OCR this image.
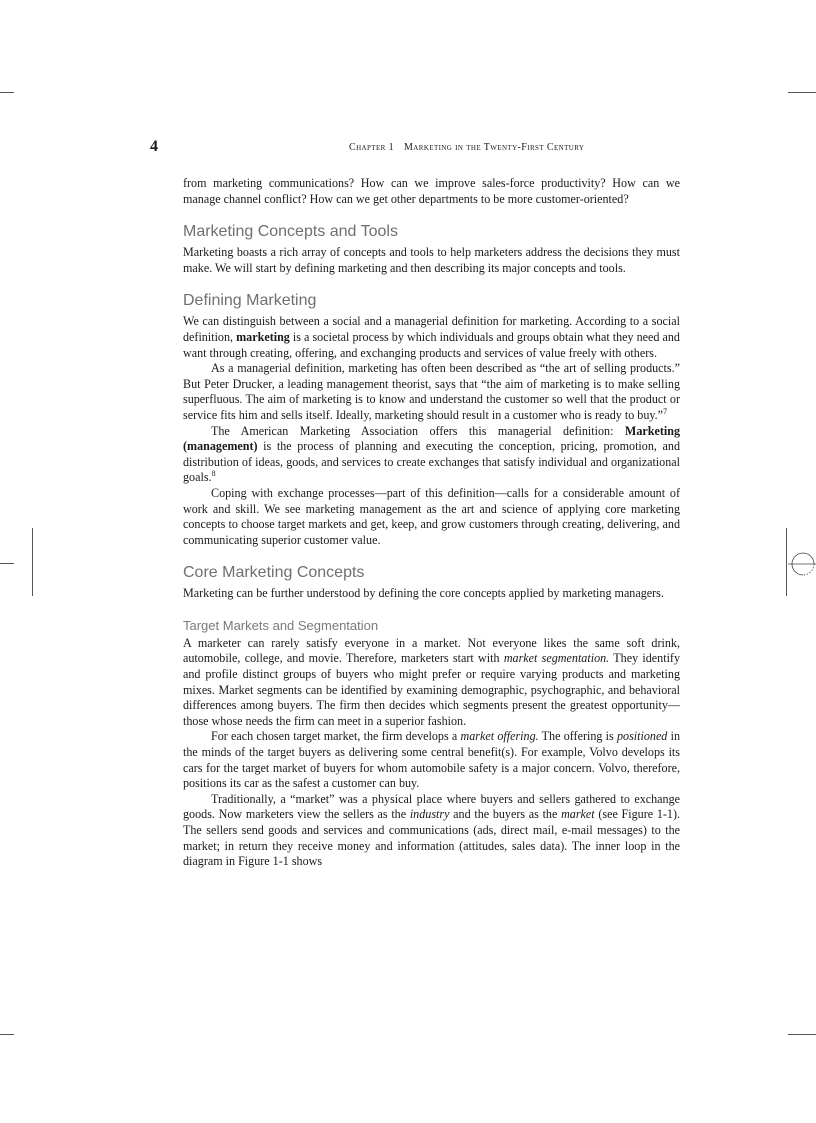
4	Chapter 1 Marketing in the Twenty-First Century

from marketing communications? How can we improve sales-force productivity? How can we manage channel conflict? How can we get other departments to be more customer-oriented?

Marketing Concepts and Tools

Marketing boasts a rich array of concepts and tools to help marketers address the decisions they must make. We will start by defining marketing and then describing its major concepts and tools.

Defining Marketing

We can distinguish between a social and a managerial definition for marketing. According to a social definition, marketing is a societal process by which individuals and groups obtain what they need and want through creating, offering, and exchanging products and services of value freely with others.

As a managerial definition, marketing has often been described as “the art of selling products.” But Peter Drucker, a leading management theorist, says that “the aim of marketing is to make selling superfluous. The aim of marketing is to know and understand the customer so well that the product or service fits him and sells itself. Ideally, marketing should result in a customer who is ready to buy.”$^7$

The American Marketing Association offers this managerial definition: Marketing (management) is the process of planning and executing the conception, pricing, promotion, and distribution of ideas, goods, and services to create exchanges that satisfy individual and organizational goals.$^8$

Coping with exchange processes—part of this definition—calls for a considerable amount of work and skill. We see marketing management as the art and science of applying core marketing concepts to choose target markets and get, keep, and grow customers through creating, delivering, and communicating superior customer value.

Core Marketing Concepts

Marketing can be further understood by defining the core concepts applied by marketing managers.

Target Markets and Segmentation

A marketer can rarely satisfy everyone in a market. Not everyone likes the same soft drink, automobile, college, and movie. Therefore, marketers start with market segmentation. They identify and profile distinct groups of buyers who might prefer or require varying products and marketing mixes. Market segments can be identified by examining demographic, psychographic, and behavioral differences among buyers. The firm then decides which segments present the greatest opportunity—those whose needs the firm can meet in a superior fashion.

For each chosen target market, the firm develops a market offering. The offering is positioned in the minds of the target buyers as delivering some central benefit(s). For example, Volvo develops its cars for the target market of buyers for whom automobile safety is a major concern. Volvo, therefore, positions its car as the safest a customer can buy.

Traditionally, a “market” was a physical place where buyers and sellers gathered to exchange goods. Now marketers view the sellers as the industry and the buyers as the market (see Figure 1-1). The sellers send goods and services and communications (ads, direct mail, e-mail messages) to the market; in return they receive money and information (attitudes, sales data). The inner loop in the diagram in Figure 1-1 shows
